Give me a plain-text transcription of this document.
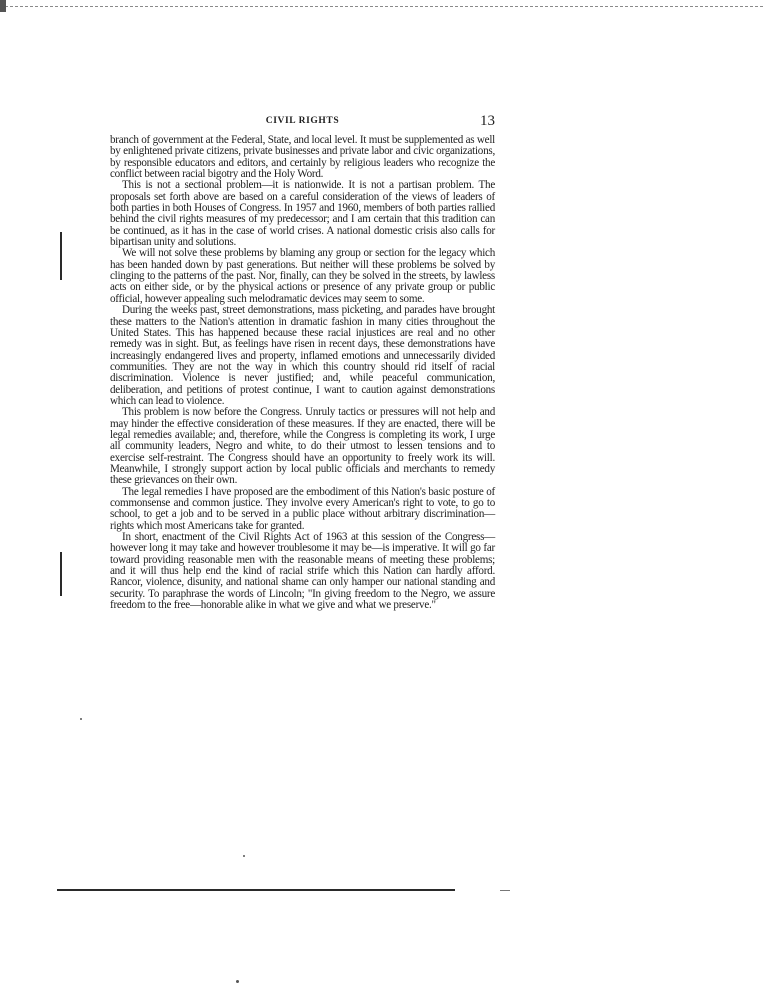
CIVIL RIGHTS	13

branch of government at the Federal, State, and local level. It must be supplemented as well by enlightened private citizens, private businesses and private labor and civic organizations, by responsible educators and editors, and certainly by religious leaders who recognize the conflict between racial bigotry and the Holy Word.

This is not a sectional problem—it is nationwide. It is not a partisan problem. The proposals set forth above are based on a careful consideration of the views of leaders of both parties in both Houses of Congress. In 1957 and 1960, members of both parties rallied behind the civil rights measures of my predecessor; and I am certain that this tradition can be continued, as it has in the case of world crises. A national domestic crisis also calls for bipartisan unity and solutions.

We will not solve these problems by blaming any group or section for the legacy which has been handed down by past generations. But neither will these problems be solved by clinging to the patterns of the past. Nor, finally, can they be solved in the streets, by lawless acts on either side, or by the physical actions or presence of any private group or public official, however appealing such melodramatic devices may seem to some.

During the weeks past, street demonstrations, mass picketing, and parades have brought these matters to the Nation's attention in dramatic fashion in many cities throughout the United States. This has happened because these racial injustices are real and no other remedy was in sight. But, as feelings have risen in recent days, these demonstrations have increasingly endangered lives and property, inflamed emotions and unnecessarily divided communities. They are not the way in which this country should rid itself of racial discrimination. Violence is never justified; and, while peaceful communication, deliberation, and petitions of protest continue, I want to caution against demonstrations which can lead to violence.

This problem is now before the Congress. Unruly tactics or pressures will not help and may hinder the effective consideration of these measures. If they are enacted, there will be legal remedies available; and, therefore, while the Congress is completing its work, I urge all community leaders, Negro and white, to do their utmost to lessen tensions and to exercise self-restraint. The Congress should have an opportunity to freely work its will. Meanwhile, I strongly support action by local public officials and merchants to remedy these grievances on their own.

The legal remedies I have proposed are the embodiment of this Nation's basic posture of commonsense and common justice. They involve every American's right to vote, to go to school, to get a job and to be served in a public place without arbitrary discrimination—rights which most Americans take for granted.

In short, enactment of the Civil Rights Act of 1963 at this session of the Congress—however long it may take and however troublesome it may be—is imperative. It will go far toward providing reasonable men with the reasonable means of meeting these problems; and it will thus help end the kind of racial strife which this Nation can hardly afford. Rancor, violence, disunity, and national shame can only hamper our national standing and security. To paraphrase the words of Lincoln; "In giving freedom to the Negro, we assure freedom to the free—honorable alike in what we give and what we preserve."
